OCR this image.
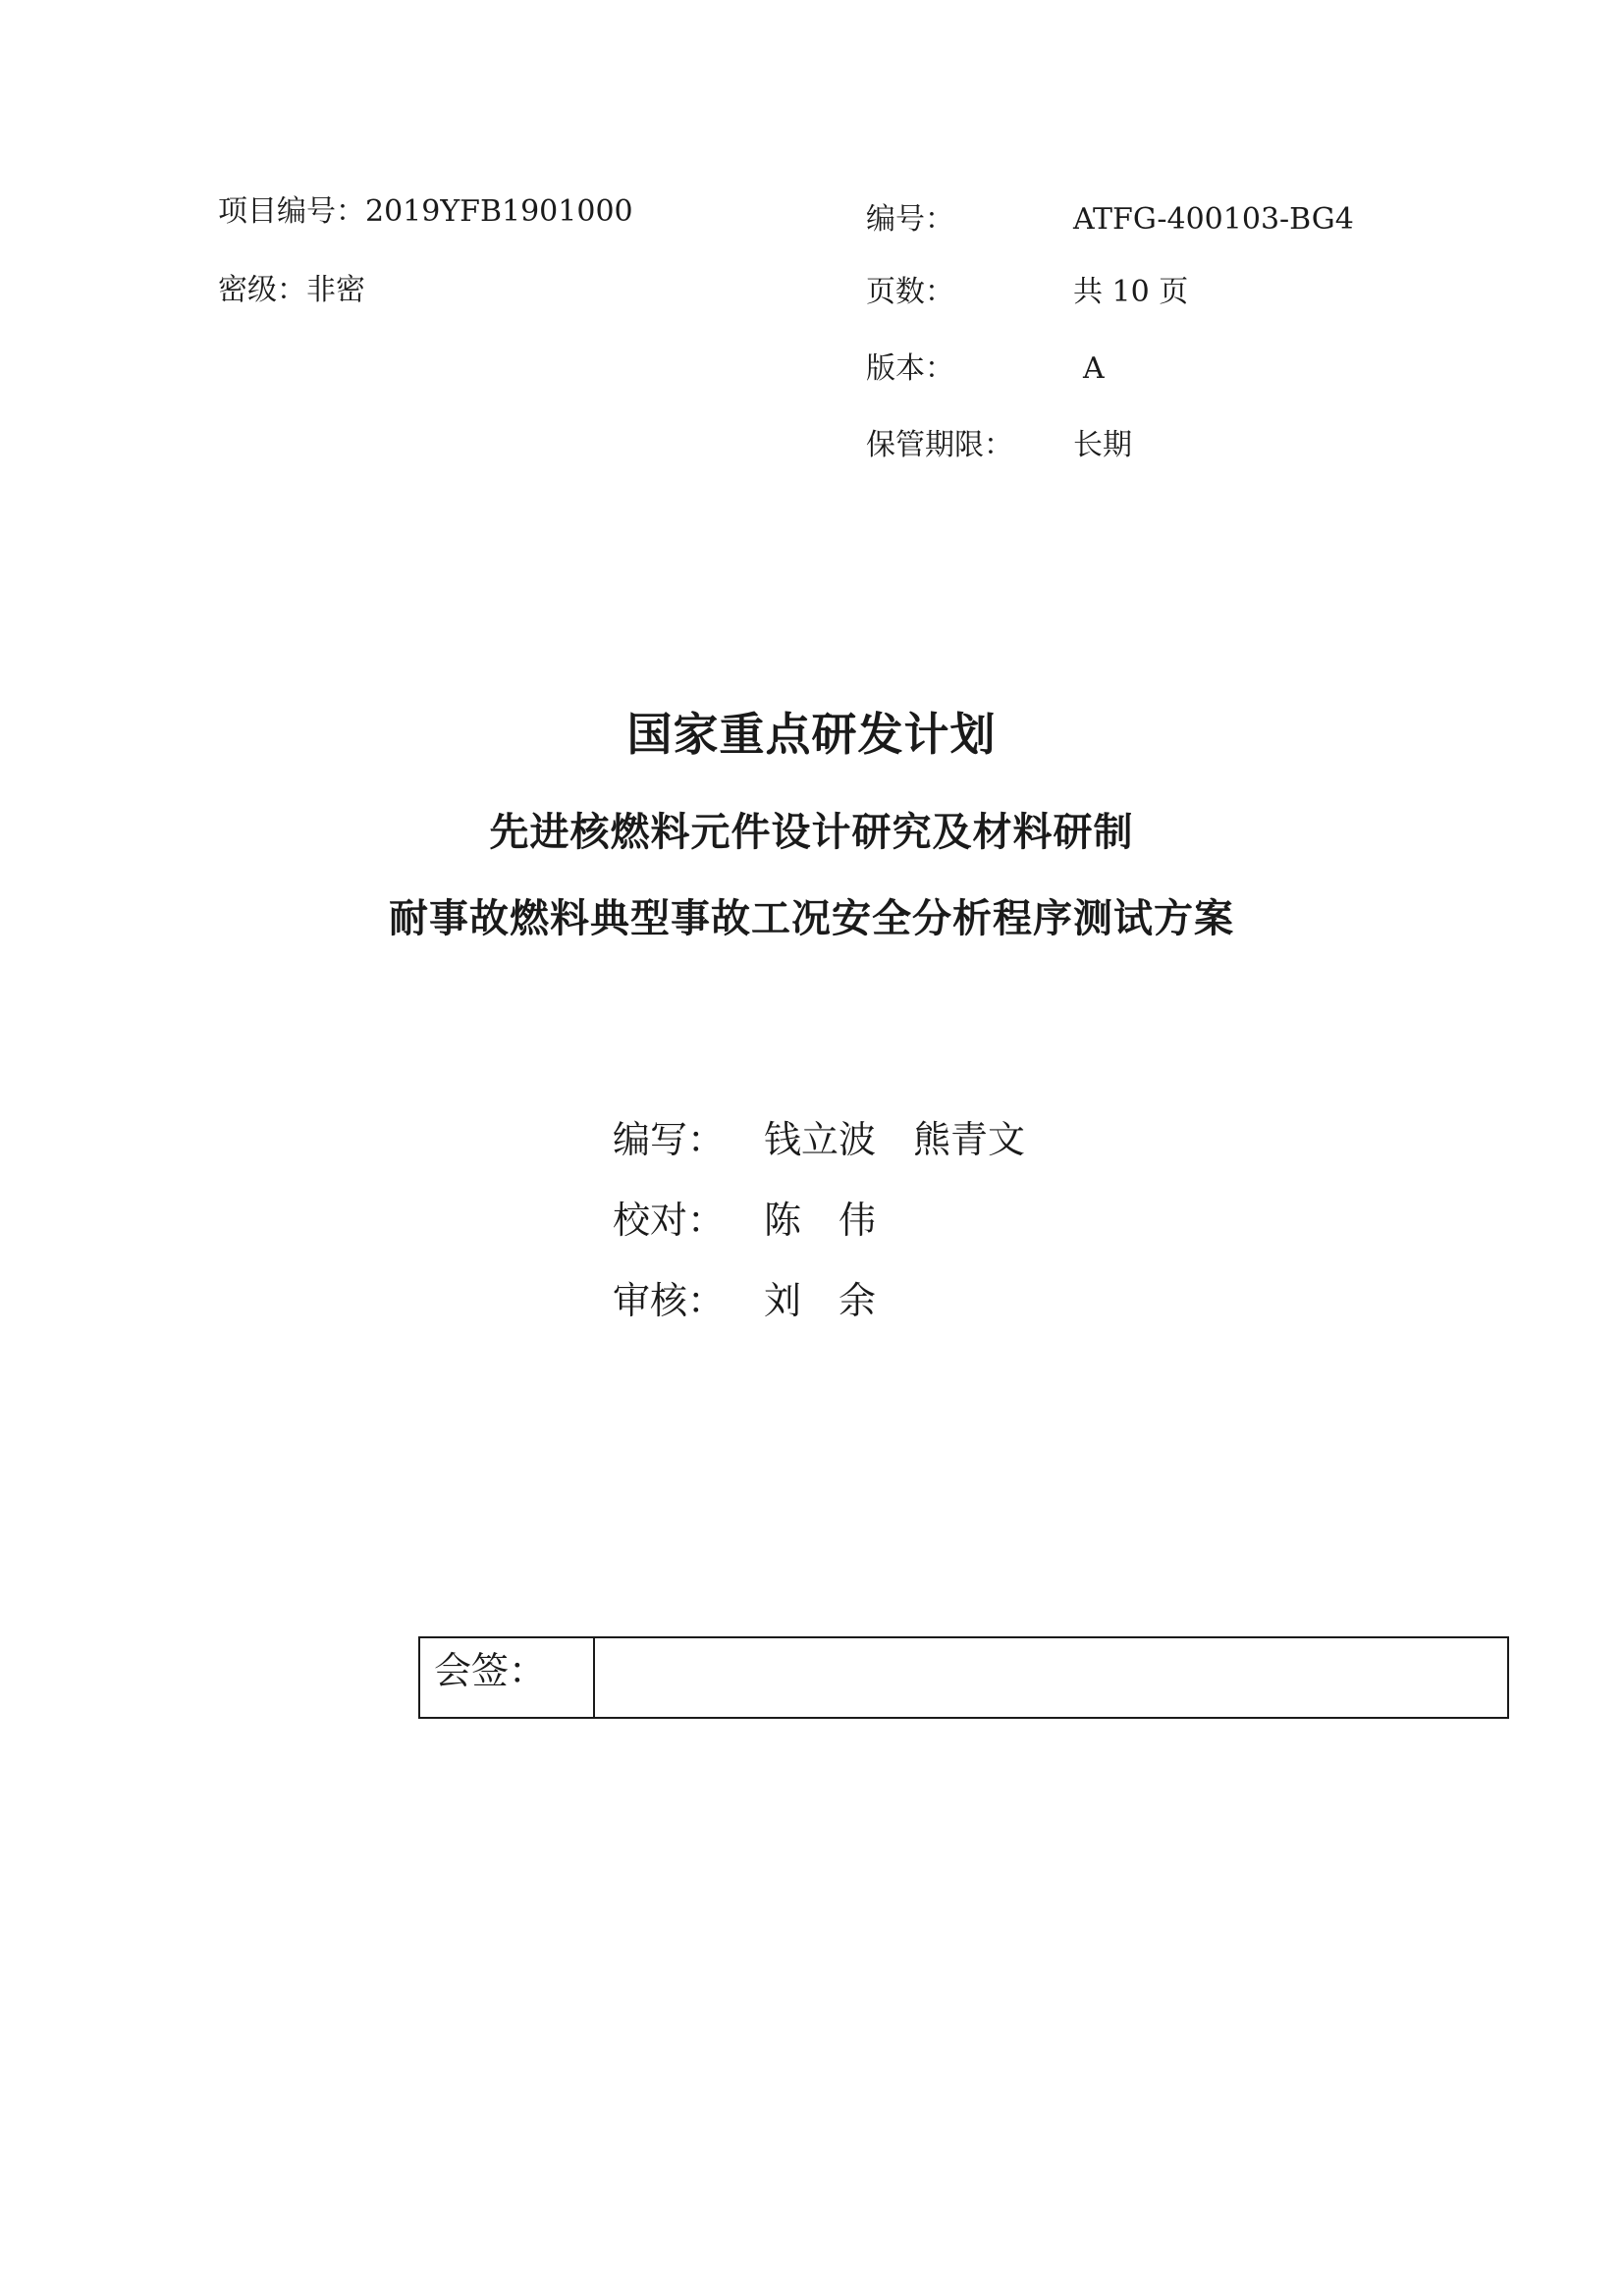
项目编号：2019YFB1901000
密级：非密
编号：	ATFG-400103-BG4
页数：	共 10 页
版本：	A
保管期限： 长期
国家重点研发计划
先进核燃料元件设计研究及材料研制
耐事故燃料典型事故工况安全分析程序测试方案
编写： 钱立波　熊青文
校对： 陈　伟
审核： 刘　余
会签：
